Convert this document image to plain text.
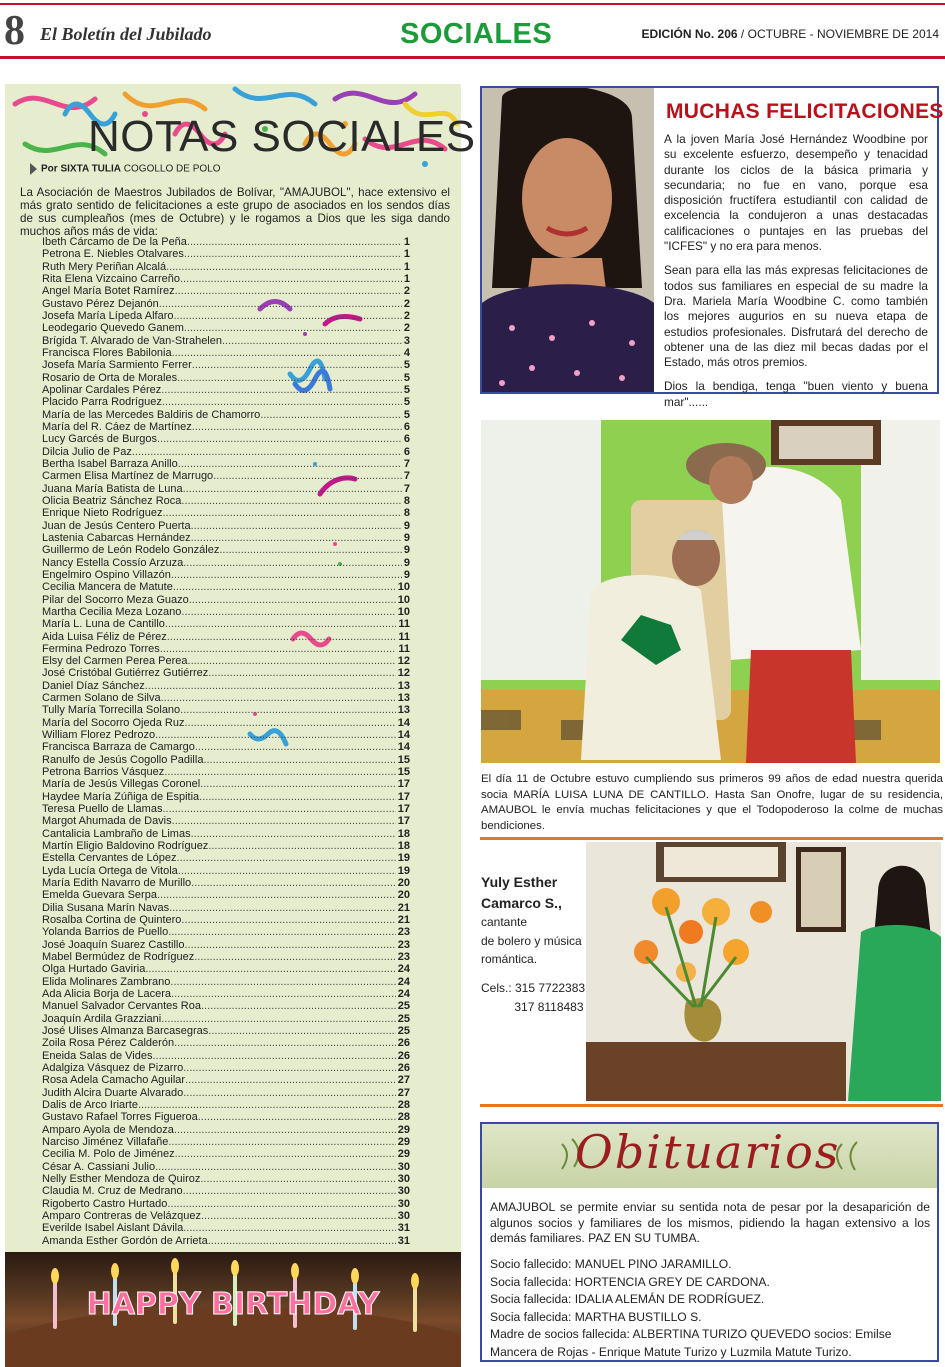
8 El Boletín del Jubilado	SOCIALES	EDICIÓN No. 206 / OCTUBRE - NOVIEMBRE DE 2014
NOTAS SOCIALES
Por SIXTA TULIA COGOLLO DE POLO
La Asociación de Maestros Jubilados de Bolívar, "AMAJUBOL", hace extensivo el más grato sentido de felicitaciones a este grupo de asociados en los sendos días de sus cumpleaños (mes de Octubre) y le rogamos a Dios que les siga dando muchos años más de vida:
Ibeth Cárcamo de De la Peña .....	1
Petrona E. Niebles Otalvares .....	1
Ruth Mery Periñan Alcalá .....	1
Rita Elena Vizcaino Carreño .....	1
Angel María Botet Ramírez .....	2
Gustavo Pérez Dejanón .....	2
Josefa María Lípeda Alfaro .....	2
Leodegario Quevedo Ganem .....	2
Brígida T. Alvarado de Van-Strahelen .....	3
Francisca Flores Babilonia .....	4
Josefa María Sarmiento Ferrer .....	5
Rosario de Orta de Morales .....	5
Apolinar Cardales Pérez .....	5
Placido Parra Rodríguez .....	5
María de las Mercedes Baldiris de Chamorro .....	5
María del R. Cáez de Martínez .....	6
Lucy Garcés de Burgos .....	6
Dilcia Julio de Paz .....	6
Bertha Isabel Barraza Anillo .....	7
Carmen Elisa Martínez de Marrugo .....	7
Juana María Batista de Luna .....	7
Olicia Beatriz Sánchez Roca .....	8
Enrique Nieto Rodríguez .....	8
Juan de Jesús Centero Puerta .....	9
Lastenia Cabarcas Hernández .....	9
Guillermo de León Rodelo González .....	9
Nancy Estella Cossío Arzuza .....	9
Engelmiro Ospino Villazón .....	9
Cecilia Mancera de Matute .....	10
Pilar del Socorro Meza Guazo .....	10
Martha Cecilia Meza Lozano .....	10
María L. Luna de Cantillo .....	11
Aida Luisa Féliz de Pérez .....	11
Fermina Pedrozo Torres .....	11
Elsy del Carmen Perea Perea .....	12
José Cristóbal Gutiérrez Gutiérrez .....	12
Daniel Díaz Sánchez .....	13
Carmen Solano de Silva .....	13
Tully María Torrecilla Solano .....	13
María del Socorro Ojeda Ruz .....	14
William Florez Pedrozo .....	14
Francisca Barraza de Camargo .....	14
Ranulfo de Jesús Cogollo Padilla .....	15
Petrona Barrios Vásquez .....	15
María de Jesús Villegas Coronel .....	17
Haydee María Zúñiga de Espitia .....	17
Teresa Puello de Llamas .....	17
Margot Ahumada de Davis .....	17
Cantalicia Lambraño de Limas .....	18
Martín Eligio Baldovino Rodríguez .....	18
Estella Cervantes de López .....	19
Lyda Lucía Ortega de Vitola .....	19
María Edith Navarro de Murillo .....	20
Emelda Guevara Serpa .....	20
Dilia Susana Marín Navas .....	21
Rosalba Cortina de Quintero .....	21
Yolanda Barrios de Puello .....	23
José Joaquín Suarez Castillo .....	23
Mabel Bermúdez de Rodríguez .....	23
Olga Hurtado Gaviria .....	24
Elida Molinares Zambrano .....	24
Ada Alicia Borja de Lacera .....	24
Manuel Salvador Cervantes Roa .....	25
Joaquín Ardila Grazziani .....	25
José Ulises Almanza Barcasegras .....	25
Zoila Rosa Pérez Calderón .....	26
Eneida Salas de Vides .....	26
Adalgiza Vásquez de Pizarro .....	26
Rosa Adela Camacho Aguilar .....	27
Judith Alcira Duarte Alvarado .....	27
Dalis de Arco Iriarte .....	28
Gustavo Rafael Torres Figueroa .....	28
Amparo Ayola de Mendoza .....	29
Narciso Jiménez Villafañe .....	29
Cecilia M. Polo de Jiménez .....	29
César A. Cassiani Julio .....	30
Nelly Esther Mendoza de Quiroz .....	30
Claudia M. Cruz de Medrano .....	30
Rigoberto Castro Hurtado .....	30
Amparo Contreras de Velázquez .....	30
Everilde Isabel Aislant Dávila .....	31
Amanda Esther Gordón de Arrieta .....	31
HAPPY BIRTHDAY
MUCHAS FELICITACIONES

A la joven María José Hernández Woodbine por su excelente esfuerzo, desempeño y tenacidad durante los ciclos de la básica primaria y secundaria; no fue en vano, porque esa disposición fructífera estudiantil con calidad de excelencia la condujeron a unas destacadas calificaciones o puntajes en las pruebas del "ICFES" y no era para menos.

Sean para ella las más expresas felicitaciones de todos sus familiares en especial de su madre la Dra. Mariela María Woodbine C. como también los mejores augurios en su nueva etapa de estudios profesionales. Disfrutará del derecho de obtener una de las diez mil becas dadas por el Estado, más otros premios.

Dios la bendiga, tenga "buen viento y buena mar"......

El día 11 de Octubre estuvo cumpliendo sus primeros 99 años de edad nuestra querida socia MARÍA LUISA LUNA DE CANTILLO. Hasta San Onofre, lugar de su residencia, AMAUBOL le envía muchas felicitaciones y que el Todopoderoso la colme de muchas bendiciones.
Yuly Esther
Camarco S.,
cantante
de bolero y música
romántica.
Cels.: 315 7722383
317 8118483
Obituarios
AMAJUBOL se permite enviar su sentida nota de pesar por la desaparición de algunos socios y familiares de los mismos, pidiendo la hagan extensivo a los demás familiares. PAZ EN SU TUMBA.
Socio fallecido: MANUEL PINO JARAMILLO.
Socia fallecida: HORTENCIA GREY DE CARDONA.
Socia fallecida: IDALIA ALEMÁN DE RODRÍGUEZ.
Socia fallecida: MARTHA BUSTILLO S.
Madre de socios fallecida: ALBERTINA TURIZO QUEVEDO socios: Emilse Mancera de Rojas - Enrique Matute Turizo y Luzmila Matute Turizo.
